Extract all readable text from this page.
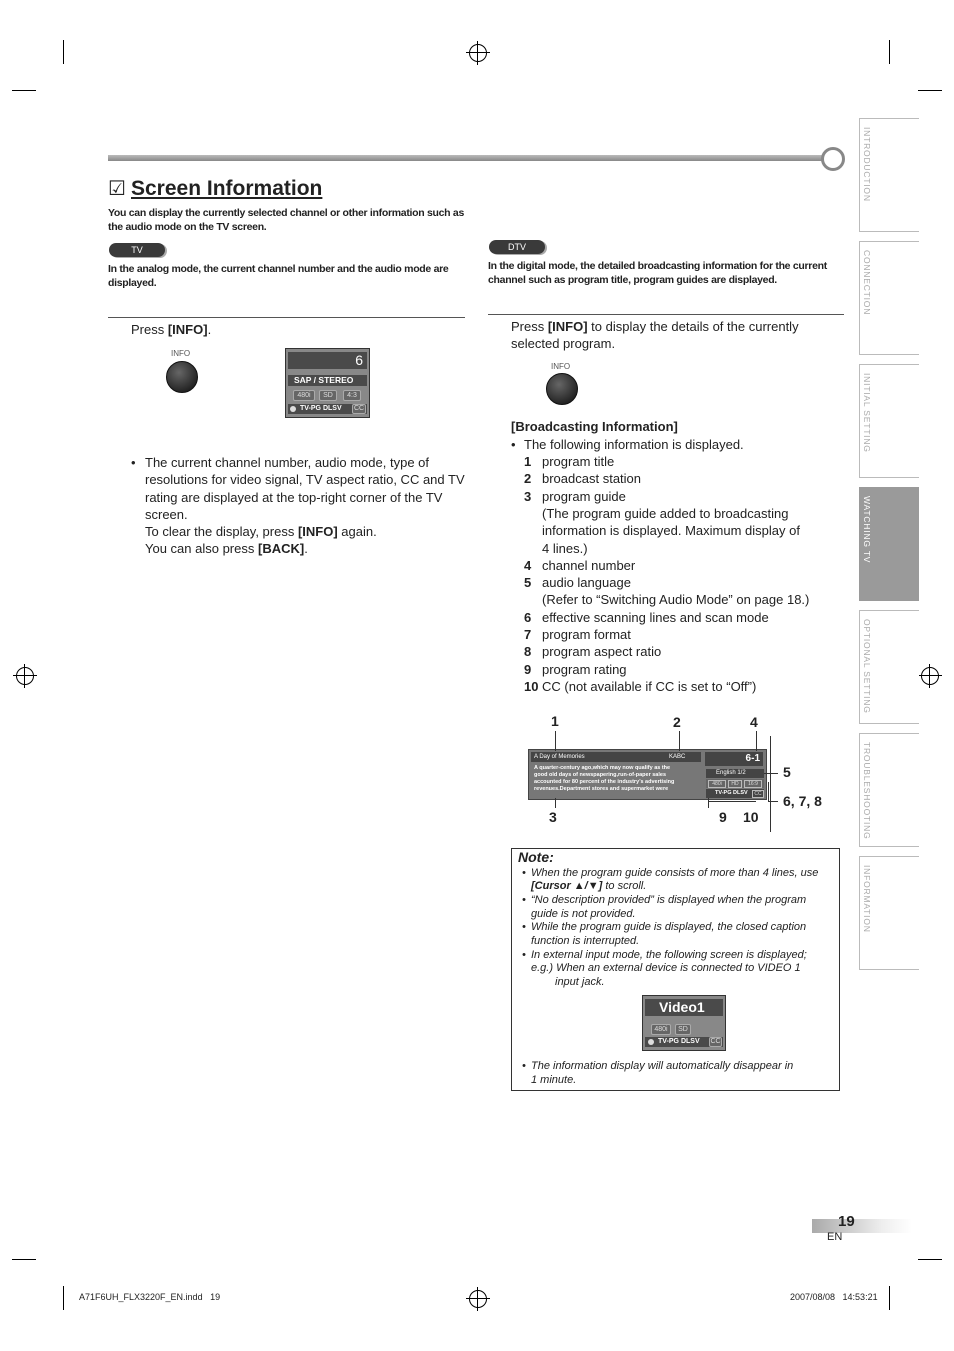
INTRODUCTION
CONNECTION
INITIAL SETTING
WATCHING TV
OPTIONAL SETTING
TROUBLESHOOTING
INFORMATION
☑ Screen Information
You can display the currently selected channel or other information such as the audio mode on the TV screen.
TV
In the analog mode, the current channel number and the audio mode are displayed.
Press [INFO].
INFO	6
SAP / STEREO
480i	SD	4:3
TV-PG DLSV	CC
• The current channel number, audio mode, type of resolutions for video signal, TV aspect ratio, CC and TV rating are displayed at the top-right corner of the TV screen.
To clear the display, press [INFO] again.
You can also press [BACK].
DTV
In the digital mode, the detailed broadcasting information for the current channel such as program title, program guides are displayed.
Press [INFO] to display the details of the currently selected program.
INFO
[Broadcasting Information]
• The following information is displayed.
1 program title
2 broadcast station
3 program guide
(The program guide added to broadcasting
information is displayed. Maximum display of
4 lines.)
4 channel number
5 audio language
(Refer to “Switching Audio Mode” on page 18.)
6 effective scanning lines and scan mode
7 program format
8 program aspect ratio
9 program rating
10 CC (not available if CC is set to “Off”)
A Day of Memories	KABC	6-1
A quarter-century ago,which may now qualify as the
good old days of newspapering,run-of-paper sales
accounted for 80 percent of the industry’s advertising
revenues.Department stores and supermarket were
English 1/2
480i	HD	16:9
TV-PG DLSV	CC
1	2	4
5
6, 7, 8
3	9 10
Note:
• When the program guide consists of more than 4 lines, use
[Cursor ▲/▼] to scroll.
• “No description provided” is displayed when the program
guide is not provided.
• While the program guide is displayed, the closed caption
function is interrupted.
• In external input mode, the following screen is displayed;
e.g.) When an external device is connected to VIDEO 1
input jack.
Video1
480i	SD
TV-PG DLSV	CC
• The information display will automatically disappear in
1 minute.
19
EN
A71F6UH_FLX3220F_EN.indd   19	2007/08/08   14:53:21
